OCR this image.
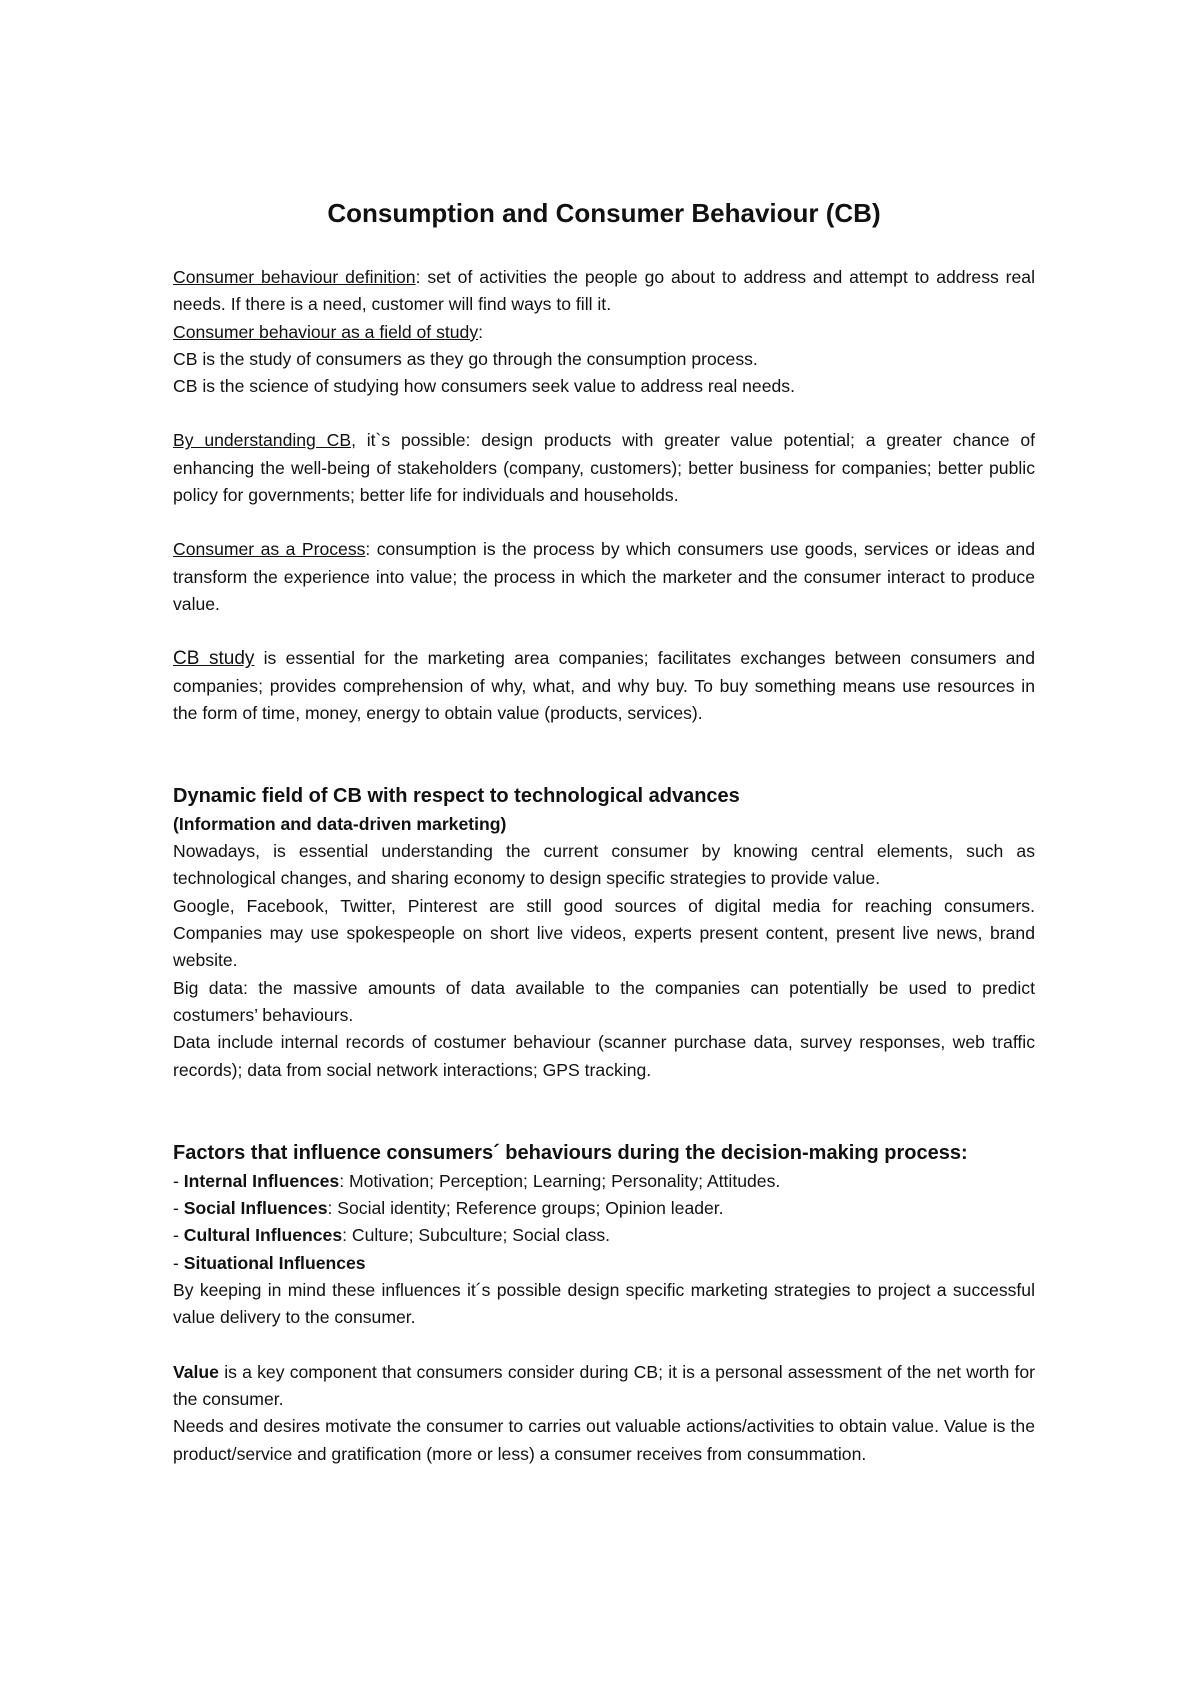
Consumption and Consumer Behaviour (CB)

Consumer behaviour definition: set of activities the people go about to address and attempt to address real needs. If there is a need, customer will find ways to fill it.

Consumer behaviour as a field of study:

CB is the study of consumers as they go through the consumption process.

CB is the science of studying how consumers seek value to address real needs.

By understanding CB, it`s possible: design products with greater value potential; a greater chance of enhancing the well-being of stakeholders (company, customers); better business for companies; better public policy for governments; better life for individuals and households.

Consumer as a Process: consumption is the process by which consumers use goods, services or ideas and transform the experience into value; the process in which the marketer and the consumer interact to produce value.

CB study is essential for the marketing area companies; facilitates exchanges between consumers and companies; provides comprehension of why, what, and why buy. To buy something means use resources in the form of time, money, energy to obtain value (products, services).

Dynamic field of CB with respect to technological advances
(Information and data-driven marketing)

Nowadays, is essential understanding the current consumer by knowing central elements, such as technological changes, and sharing economy to design specific strategies to provide value.

Google, Facebook, Twitter, Pinterest are still good sources of digital media for reaching consumers. Companies may use spokespeople on short live videos, experts present content, present live news, brand website.

Big data: the massive amounts of data available to the companies can potentially be used to predict costumers’ behaviours.

Data include internal records of costumer behaviour (scanner purchase data, survey responses, web traffic records); data from social network interactions; GPS tracking.

Factors that influence consumers´ behaviours during the decision-making process:

- Internal Influences: Motivation; Perception; Learning; Personality; Attitudes.

- Social Influences: Social identity; Reference groups; Opinion leader.

- Cultural Influences: Culture; Subculture; Social class.

- Situational Influences

By keeping in mind these influences it´s possible design specific marketing strategies to project a successful value delivery to the consumer.

Value is a key component that consumers consider during CB; it is a personal assessment of the net worth for the consumer.

Needs and desires motivate the consumer to carries out valuable actions/activities to obtain value. Value is the product/service and gratification (more or less) a consumer receives from consummation.
